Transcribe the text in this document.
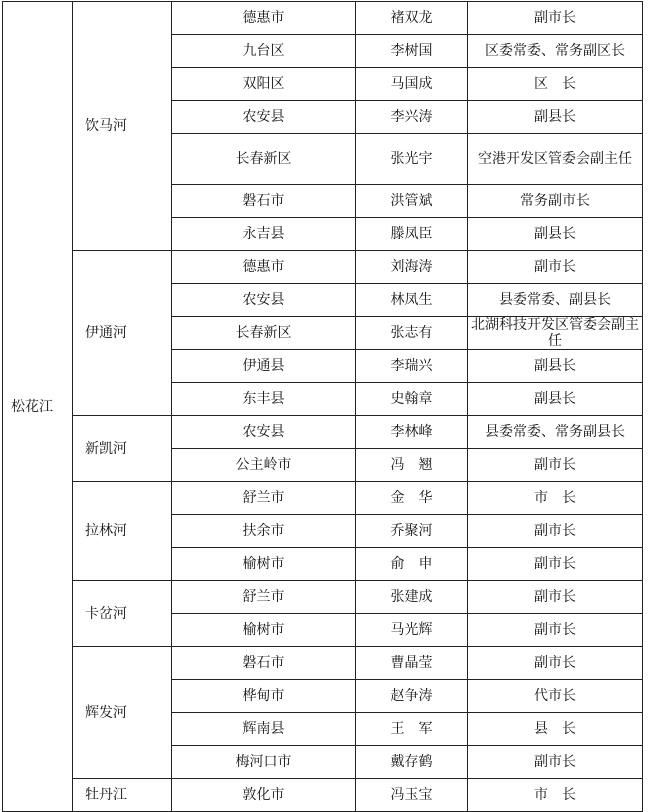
松花江	饮马河	德惠市	褚双龙	副市长
		九台区	李树国	区委常委、常务副区长
		双阳区	马国成	区　长
		农安县	李兴涛	副县长
		长春新区	张光宇	空港开发区管委会副主任
		磐石市	洪管斌	常务副市长
		永吉县	滕凤臣	副县长
	伊通河	德惠市	刘海涛	副市长
		农安县	林凤生	县委常委、副县长
		长春新区	张志有	北湖科技开发区管委会副主任
		伊通县	李瑞兴	副县长
		东丰县	史翰章	副县长
	新凯河	农安县	李林峰	县委常委、常务副县长
		公主岭市	冯　翘	副市长
	拉林河	舒兰市	金　华	市　长
		扶余市	乔聚河	副市长
		榆树市	俞　申	副市长
	卡岔河	舒兰市	张建成	副市长
		榆树市	马光辉	副市长
	辉发河	磐石市	曹晶莹	副市长
		桦甸市	赵争涛	代市长
		辉南县	王　军	县　长
		梅河口市	戴存鹤	副市长
	牡丹江	敦化市	冯玉宝	市　长
